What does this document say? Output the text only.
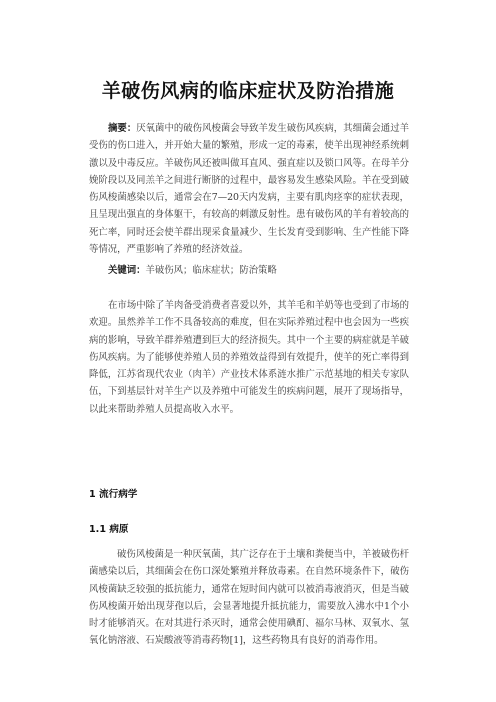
羊破伤风病的临床症状及防治措施
摘要：厌氧菌中的破伤风梭菌会导致羊发生破伤风疾病，其细菌会通过羊受伤的伤口进入，并开始大量的繁殖，形成一定的毒素，使羊出现神经系统刺激以及中毒反应。羊破伤风还被叫做耳直风、强直症以及锁口风等。在母羊分娩阶段以及同羔羊之间进行断脐的过程中，最容易发生感染风险。羊在受到破伤风梭菌感染以后，通常会在7—20天内发病，主要有肌肉痉挛的症状表现，且呈现出强直的身体躯干，有较高的刺激反射性。患有破伤风的羊有着较高的死亡率，同时还会使羊群出现采食量减少、生长发育受到影响、生产性能下降等情况，严重影响了养殖的经济效益。
关键词：羊破伤风；临床症状；防治策略
在市场中除了羊肉备受消费者喜爱以外，其羊毛和羊奶等也受到了市场的欢迎。虽然养羊工作不具备较高的难度，但在实际养殖过程中也会因为一些疾病的影响，导致羊群养殖遭到巨大的经济损失。其中一个主要的病症就是羊破伤风疾病。为了能够使养殖人员的养殖效益得到有效提升，使羊的死亡率得到降低，江苏省现代农业（肉羊）产业技术体系涟水推广示范基地的相关专家队伍，下到基层针对羊生产以及养殖中可能发生的疾病问题，展开了现场指导，以此来帮助养殖人员提高收入水平。
1 流行病学
1.1 病原
破伤风梭菌是一种厌氧菌，其广泛存在于土壤和粪便当中，羊被破伤杆菌感染以后，其细菌会在伤口深处繁殖并释放毒素。在自然环境条件下，破伤风梭菌缺乏较强的抵抗能力，通常在短时间内就可以被消毒液消灭，但是当破伤风梭菌开始出现芽孢以后，会显著地提升抵抗能力，需要放入沸水中1个小时才能够消灭。在对其进行杀灭时，通常会使用碘酊、福尔马林、双氧水、氢氧化钠溶液、石炭酸液等消毒药物[1]，这些药物具有良好的消毒作用。
